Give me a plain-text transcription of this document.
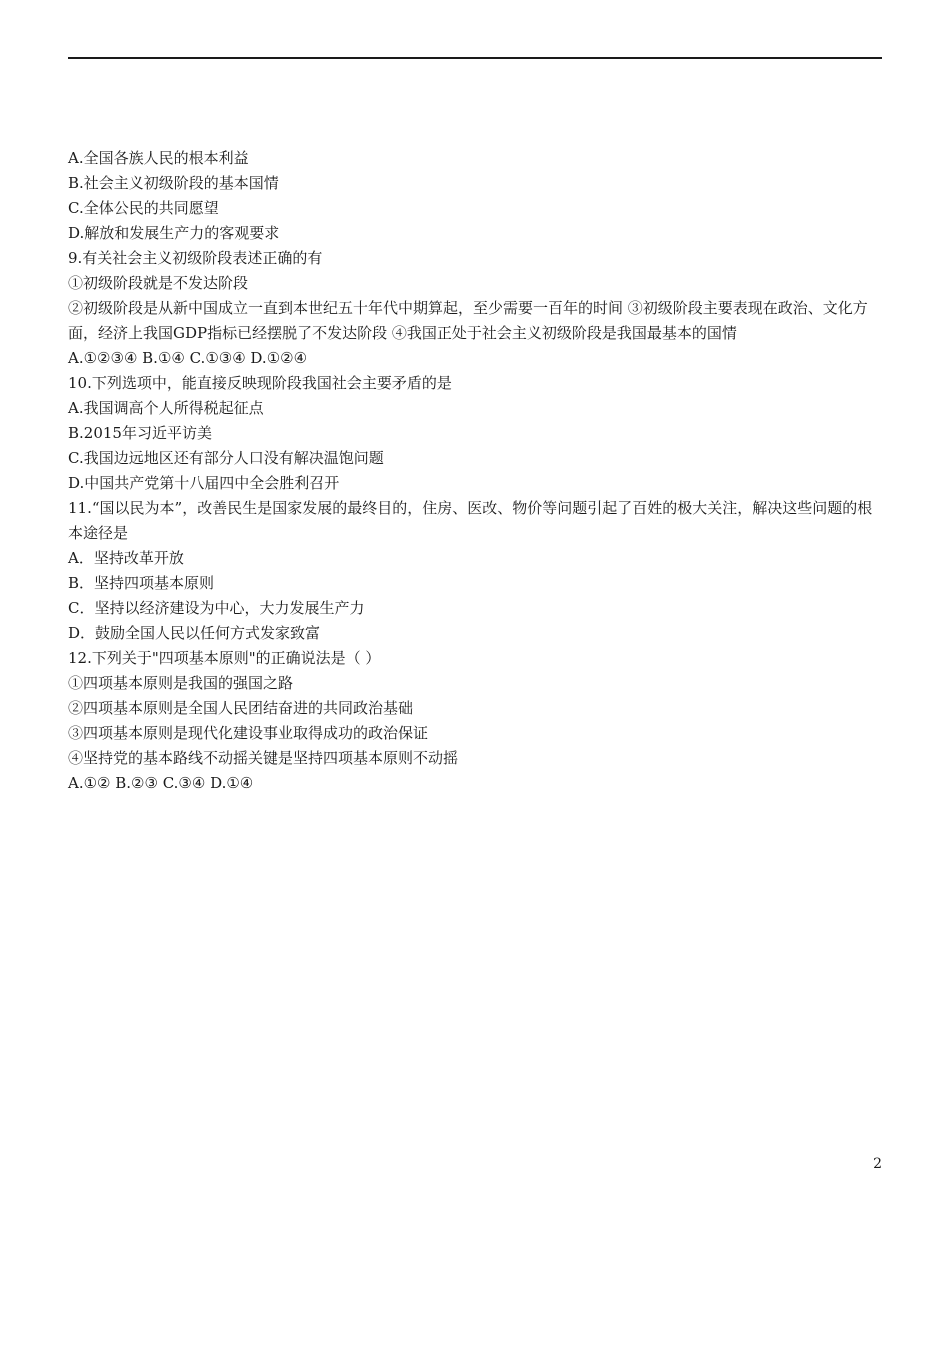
A.全国各族人民的根本利益

B.社会主义初级阶段的基本国情

C.全体公民的共同愿望

D.解放和发展生产力的客观要求

9.有关社会主义初级阶段表述正确的有

①初级阶段就是不发达阶段

②初级阶段是从新中国成立一直到本世纪五十年代中期算起，至少需要一百年的时间 ③初级阶段主要表现在政治、文化方面，经济上我国GDP指标已经摆脱了不发达阶段 ④我国正处于社会主义初级阶段是我国最基本的国情

A.①②③④ B.①④ C.①③④ D.①②④

10.下列选项中，能直接反映现阶段我国社会主要矛盾的是

A.我国调高个人所得税起征点

B.2015年习近平访美

C.我国边远地区还有部分人口没有解决温饱问题

D.中国共产党第十八届四中全会胜利召开

11.“国以民为本”，改善民生是国家发展的最终目的，住房、医改、物价等问题引起了百姓的极大关注，解决这些问题的根本途径是

A．坚持改革开放

B．坚持四项基本原则

C．坚持以经济建设为中心，大力发展生产力

D．鼓励全国人民以任何方式发家致富

12.下列关于"四项基本原则"的正确说法是（ ）

①四项基本原则是我国的强国之路

②四项基本原则是全国人民团结奋进的共同政治基础

③四项基本原则是现代化建设事业取得成功的政治保证

④坚持党的基本路线不动摇关键是坚持四项基本原则不动摇

A.①② B.②③ C.③④ D.①④

2
